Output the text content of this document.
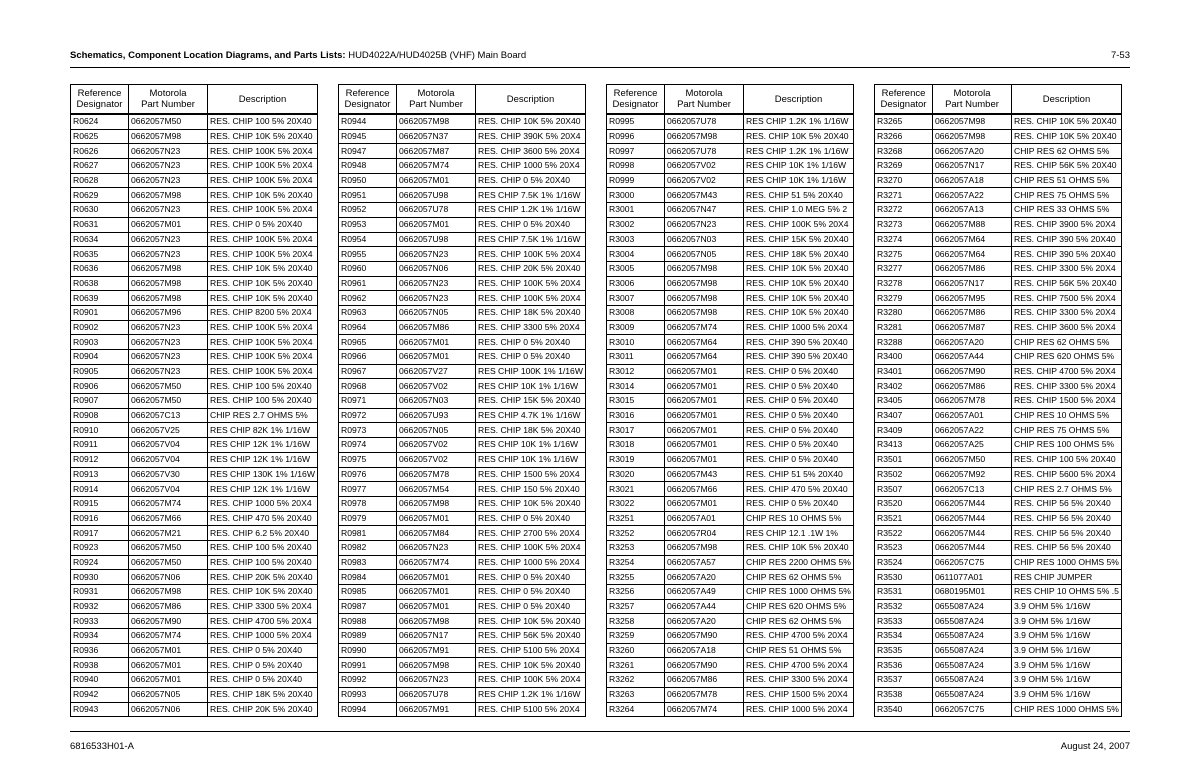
Schematics, Component Location Diagrams, and Parts Lists: HUD4022A/HUD4025B (VHF) Main Board	7-53
Reference
Designator	Motorola
Part Number	Description
R0624	0662057M50	RES. CHIP 100 5% 20X40
R0625	0662057M98	RES. CHIP 10K 5% 20X40
R0626	0662057N23	RES. CHIP 100K 5% 20X4
R0627	0662057N23	RES. CHIP 100K 5% 20X4
R0628	0662057N23	RES. CHIP 100K 5% 20X4
R0629	0662057M98	RES. CHIP 10K 5% 20X40
R0630	0662057N23	RES. CHIP 100K 5% 20X4
R0631	0662057M01	RES. CHIP 0 5% 20X40
R0634	0662057N23	RES. CHIP 100K 5% 20X4
R0635	0662057N23	RES. CHIP 100K 5% 20X4
R0636	0662057M98	RES. CHIP 10K 5% 20X40
R0638	0662057M98	RES. CHIP 10K 5% 20X40
R0639	0662057M98	RES. CHIP 10K 5% 20X40
R0901	0662057M96	RES. CHIP 8200 5% 20X4
R0902	0662057N23	RES. CHIP 100K 5% 20X4
R0903	0662057N23	RES. CHIP 100K 5% 20X4
R0904	0662057N23	RES. CHIP 100K 5% 20X4
R0905	0662057N23	RES. CHIP 100K 5% 20X4
R0906	0662057M50	RES. CHIP 100 5% 20X40
R0907	0662057M50	RES. CHIP 100 5% 20X40
R0908	0662057C13	CHIP RES 2.7 OHMS 5%
R0910	0662057V25	RES CHIP 82K 1% 1/16W
R0911	0662057V04	RES CHIP 12K 1% 1/16W
R0912	0662057V04	RES CHIP 12K 1% 1/16W
R0913	0662057V30	RES CHIP 130K 1% 1/16W
R0914	0662057V04	RES CHIP 12K 1% 1/16W
R0915	0662057M74	RES. CHIP 1000 5% 20X4
R0916	0662057M66	RES. CHIP 470 5% 20X40
R0917	0662057M21	RES. CHIP 6.2 5% 20X40
R0923	0662057M50	RES. CHIP 100 5% 20X40
R0924	0662057M50	RES. CHIP 100 5% 20X40
R0930	0662057N06	RES. CHIP 20K 5% 20X40
R0931	0662057M98	RES. CHIP 10K 5% 20X40
R0932	0662057M86	RES. CHIP 3300 5% 20X4
R0933	0662057M90	RES. CHIP 4700 5% 20X4
R0934	0662057M74	RES. CHIP 1000 5% 20X4
R0936	0662057M01	RES. CHIP 0 5% 20X40
R0938	0662057M01	RES. CHIP 0 5% 20X40
R0940	0662057M01	RES. CHIP 0 5% 20X40
R0942	0662057N05	RES. CHIP 18K 5% 20X40
R0943	0662057N06	RES. CHIP 20K 5% 20X40
Reference
Designator	Motorola
Part Number	Description
R0944	0662057M98	RES. CHIP 10K 5% 20X40
R0945	0662057N37	RES. CHIP 390K 5% 20X4
R0947	0662057M87	RES. CHIP 3600 5% 20X4
R0948	0662057M74	RES. CHIP 1000 5% 20X4
R0950	0662057M01	RES. CHIP 0 5% 20X40
R0951	0662057U98	RES CHIP 7.5K 1% 1/16W
R0952	0662057U78	RES CHIP 1.2K 1% 1/16W
R0953	0662057M01	RES. CHIP 0 5% 20X40
R0954	0662057U98	RES CHIP 7.5K 1% 1/16W
R0955	0662057N23	RES. CHIP 100K 5% 20X4
R0960	0662057N06	RES. CHIP 20K 5% 20X40
R0961	0662057N23	RES. CHIP 100K 5% 20X4
R0962	0662057N23	RES. CHIP 100K 5% 20X4
R0963	0662057N05	RES. CHIP 18K 5% 20X40
R0964	0662057M86	RES. CHIP 3300 5% 20X4
R0965	0662057M01	RES. CHIP 0 5% 20X40
R0966	0662057M01	RES. CHIP 0 5% 20X40
R0967	0662057V27	RES CHIP 100K 1% 1/16W
R0968	0662057V02	RES CHIP 10K 1% 1/16W
R0971	0662057N03	RES. CHIP 15K 5% 20X40
R0972	0662057U93	RES CHIP 4.7K 1% 1/16W
R0973	0662057N05	RES. CHIP 18K 5% 20X40
R0974	0662057V02	RES CHIP 10K 1% 1/16W
R0975	0662057V02	RES CHIP 10K 1% 1/16W
R0976	0662057M78	RES. CHIP 1500 5% 20X4
R0977	0662057M54	RES. CHIP 150 5% 20X40
R0978	0662057M98	RES. CHIP 10K 5% 20X40
R0979	0662057M01	RES. CHIP 0 5% 20X40
R0981	0662057M84	RES. CHIP 2700 5% 20X4
R0982	0662057N23	RES. CHIP 100K 5% 20X4
R0983	0662057M74	RES. CHIP 1000 5% 20X4
R0984	0662057M01	RES. CHIP 0 5% 20X40
R0985	0662057M01	RES. CHIP 0 5% 20X40
R0987	0662057M01	RES. CHIP 0 5% 20X40
R0988	0662057M98	RES. CHIP 10K 5% 20X40
R0989	0662057N17	RES. CHIP 56K 5% 20X40
R0990	0662057M91	RES. CHIP 5100 5% 20X4
R0991	0662057M98	RES. CHIP 10K 5% 20X40
R0992	0662057N23	RES. CHIP 100K 5% 20X4
R0993	0662057U78	RES CHIP 1.2K 1% 1/16W
R0994	0662057M91	RES. CHIP 5100 5% 20X4
Reference
Designator	Motorola
Part Number	Description
R0995	0662057U78	RES CHIP 1.2K 1% 1/16W
R0996	0662057M98	RES. CHIP 10K 5% 20X40
R0997	0662057U78	RES CHIP 1.2K 1% 1/16W
R0998	0662057V02	RES CHIP 10K 1% 1/16W
R0999	0662057V02	RES CHIP 10K 1% 1/16W
R3000	0662057M43	RES. CHIP 51 5% 20X40
R3001	0662057N47	RES. CHIP 1.0 MEG 5% 2
R3002	0662057N23	RES. CHIP 100K 5% 20X4
R3003	0662057N03	RES. CHIP 15K 5% 20X40
R3004	0662057N05	RES. CHIP 18K 5% 20X40
R3005	0662057M98	RES. CHIP 10K 5% 20X40
R3006	0662057M98	RES. CHIP 10K 5% 20X40
R3007	0662057M98	RES. CHIP 10K 5% 20X40
R3008	0662057M98	RES. CHIP 10K 5% 20X40
R3009	0662057M74	RES. CHIP 1000 5% 20X4
R3010	0662057M64	RES. CHIP 390 5% 20X40
R3011	0662057M64	RES. CHIP 390 5% 20X40
R3012	0662057M01	RES. CHIP 0 5% 20X40
R3014	0662057M01	RES. CHIP 0 5% 20X40
R3015	0662057M01	RES. CHIP 0 5% 20X40
R3016	0662057M01	RES. CHIP 0 5% 20X40
R3017	0662057M01	RES. CHIP 0 5% 20X40
R3018	0662057M01	RES. CHIP 0 5% 20X40
R3019	0662057M01	RES. CHIP 0 5% 20X40
R3020	0662057M43	RES. CHIP 51 5% 20X40
R3021	0662057M66	RES. CHIP 470 5% 20X40
R3022	0662057M01	RES. CHIP 0 5% 20X40
R3251	0662057A01	CHIP RES 10 OHMS 5%
R3252	0662057R04	RES CHIP 12.1 .1W 1%
R3253	0662057M98	RES. CHIP 10K 5% 20X40
R3254	0662057A57	CHIP RES 2200 OHMS 5%
R3255	0662057A20	CHIP RES 62 OHMS 5%
R3256	0662057A49	CHIP RES 1000 OHMS 5%
R3257	0662057A44	CHIP RES 620 OHMS 5%
R3258	0662057A20	CHIP RES 62 OHMS 5%
R3259	0662057M90	RES. CHIP 4700 5% 20X4
R3260	0662057A18	CHIP RES 51 OHMS 5%
R3261	0662057M90	RES. CHIP 4700 5% 20X4
R3262	0662057M86	RES. CHIP 3300 5% 20X4
R3263	0662057M78	RES. CHIP 1500 5% 20X4
R3264	0662057M74	RES. CHIP 1000 5% 20X4
Reference
Designator	Motorola
Part Number	Description
R3265	0662057M98	RES. CHIP 10K 5% 20X40
R3266	0662057M98	RES. CHIP 10K 5% 20X40
R3268	0662057A20	CHIP RES 62 OHMS 5%
R3269	0662057N17	RES. CHIP 56K 5% 20X40
R3270	0662057A18	CHIP RES 51 OHMS 5%
R3271	0662057A22	CHIP RES 75 OHMS 5%
R3272	0662057A13	CHIP RES 33 OHMS 5%
R3273	0662057M88	RES. CHIP 3900 5% 20X4
R3274	0662057M64	RES. CHIP 390 5% 20X40
R3275	0662057M64	RES. CHIP 390 5% 20X40
R3277	0662057M86	RES. CHIP 3300 5% 20X4
R3278	0662057N17	RES. CHIP 56K 5% 20X40
R3279	0662057M95	RES. CHIP 7500 5% 20X4
R3280	0662057M86	RES. CHIP 3300 5% 20X4
R3281	0662057M87	RES. CHIP 3600 5% 20X4
R3288	0662057A20	CHIP RES 62 OHMS 5%
R3400	0662057A44	CHIP RES 620 OHMS 5%
R3401	0662057M90	RES. CHIP 4700 5% 20X4
R3402	0662057M86	RES. CHIP 3300 5% 20X4
R3405	0662057M78	RES. CHIP 1500 5% 20X4
R3407	0662057A01	CHIP RES 10 OHMS 5%
R3409	0662057A22	CHIP RES 75 OHMS 5%
R3413	0662057A25	CHIP RES 100 OHMS 5%
R3501	0662057M50	RES. CHIP 100 5% 20X40
R3502	0662057M92	RES. CHIP 5600 5% 20X4
R3507	0662057C13	CHIP RES 2.7 OHMS 5%
R3520	0662057M44	RES. CHIP 56 5% 20X40
R3521	0662057M44	RES. CHIP 56 5% 20X40
R3522	0662057M44	RES. CHIP 56 5% 20X40
R3523	0662057M44	RES. CHIP 56 5% 20X40
R3524	0662057C75	CHIP RES 1000 OHMS 5%
R3530	0611077A01	RES CHIP JUMPER
R3531	0680195M01	RES CHIP 10 OHMS 5% .5
R3532	0655087A24	3.9 OHM 5% 1/16W
R3533	0655087A24	3.9 OHM 5% 1/16W
R3534	0655087A24	3.9 OHM 5% 1/16W
R3535	0655087A24	3.9 OHM 5% 1/16W
R3536	0655087A24	3.9 OHM 5% 1/16W
R3537	0655087A24	3.9 OHM 5% 1/16W
R3538	0655087A24	3.9 OHM 5% 1/16W
R3540	0662057C75	CHIP RES 1000 OHMS 5%
6816533H01-A	August 24, 2007
